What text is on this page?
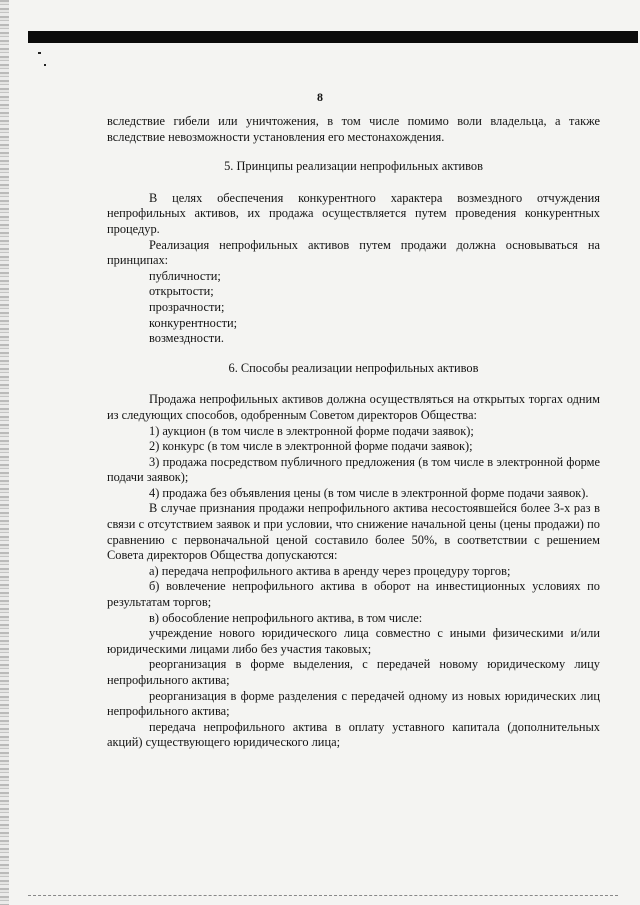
8

вследствие гибели или уничтожения, в том числе помимо воли владельца, а также вследствие невозможности установления его местонахождения.

5. Принципы реализации непрофильных активов

В целях обеспечения конкурентного характера возмездного отчуждения непрофильных активов, их продажа осуществляется путем проведения конкурентных процедур.

Реализация непрофильных активов путем продажи должна основываться на принципах:

публичности;

открытости;

прозрачности;

конкурентности;

возмездности.

6. Способы реализации непрофильных активов

Продажа непрофильных активов должна осуществляться на открытых торгах одним из следующих способов, одобренным Советом директоров Общества:

1) аукцион (в том числе в электронной форме подачи заявок);

2) конкурс (в том числе в электронной форме подачи заявок);

3) продажа посредством публичного предложения (в том числе в электронной форме подачи заявок);

4) продажа без объявления цены (в том числе в электронной форме подачи заявок).

В случае признания продажи непрофильного актива несостоявшейся более 3-х раз в связи с отсутствием заявок и при условии, что снижение начальной цены (цены продажи) по сравнению с первоначальной ценой составило более 50%, в соответствии с решением Совета директоров Общества допускаются:

а) передача непрофильного актива в аренду через процедуру торгов;

б) вовлечение непрофильного актива в оборот на инвестиционных условиях по результатам торгов;

в) обособление непрофильного актива, в том числе:

учреждение нового юридического лица совместно с иными физическими и/или юридическими лицами либо без участия таковых;

реорганизация в форме выделения, с передачей новому юридическому лицу непрофильного актива;

реорганизация в форме разделения с передачей одному из новых юридических лиц непрофильного актива;

передача непрофильного актива в оплату уставного капитала (дополнительных акций) существующего юридического лица;
